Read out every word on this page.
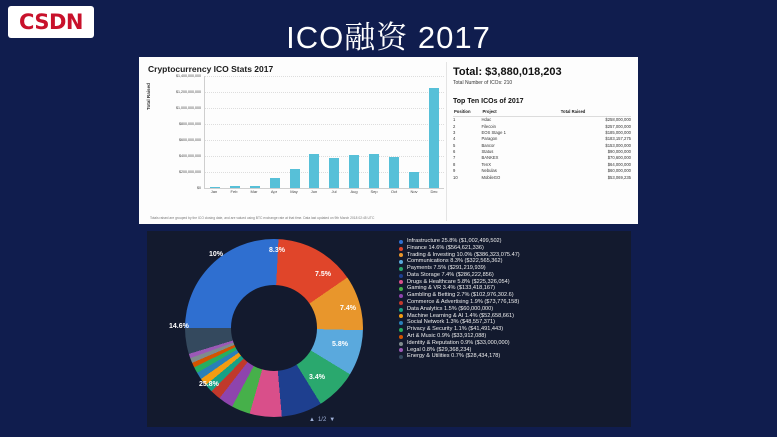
CSDN	ICO融资 2017
Cryptocurrency ICO Stats 2017
Total Raised
$1,400,000,000
$1,200,000,000
$1,000,000,000
$800,000,000
$600,000,000
$400,000,000
$200,000,000
$0
Jan	Feb	Mar	Apr	May	Jun	Jul	Aug	Sep	Oct	Nov	Dec
Totals raised are grouped by the ICO closing date, and are valued using BTC exchange rate at that time. Data last updated on 9th March 2018 02:45 UTC
Total: $3,880,018,203
Total Number of ICOs: 210
Top Ten ICOs of 2017
Position	Project	Total Raised
1	Hdac	$258,000,000
2	Filecoin	$257,000,000
3	EOS Stage 1	$185,000,000
4	Paragon	$183,157,275
5	Bancor	$153,000,000
6	Status	$90,000,000
7	BANKEX	$70,600,000
8	TenX	$64,000,000
9	Nebulas	$60,000,000
10	MobileGO	$53,069,235
25.8%
14.6%
10%
8.3%
7.5%
7.4%
5.8%
3.4%
▲ 1/2 ▼
Infrastructure 25.8% ($1,002,499,502)
Finance 14.6% ($564,621,336)
Trading & Investing 10.0% ($386,323,075.47)
Communications 8.3% ($322,565,362)
Payments 7.5% ($291,219,939)
Data Storage 7.4% ($286,222,856)
Drugs & Healthcare 5.8% ($225,326,054)
Gaming & VR 3.4% ($133,418,167)
Gambling & Betting 2.7% ($102,976,302.6)
Commerce & Advertising 1.9% ($73,776,158)
Data Analytics 1.5% ($60,000,000)
Machine Learning & AI 1.4% ($52,658,661)
Social Network 1.3% ($48,557,371)
Privacy & Security 1.1% ($41,491,443)
Art & Music 0.9% ($33,912,088)
Identity & Reputation 0.9% ($33,000,000)
Legal 0.8% ($29,368,234)
Energy & Utilities 0.7% ($28,434,178)
